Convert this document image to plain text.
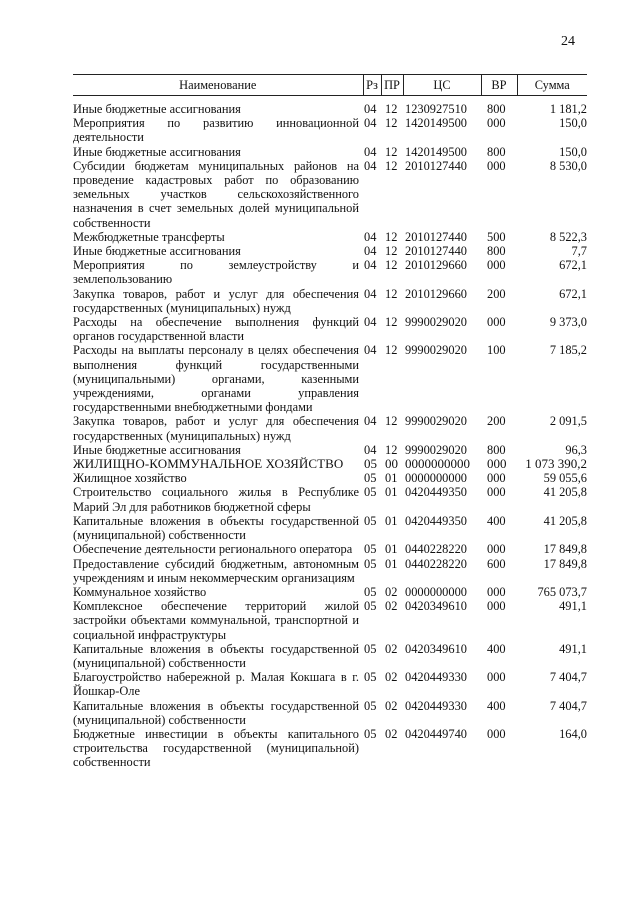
24
Наименование	Рз	ПР	ЦС	ВР	Сумма
Иные бюджетные ассигнования	04	12	1230927510	800	1 181,2
Мероприятия по развитию инновационной деятельности	04	12	1420149500	000	150,0
Иные бюджетные ассигнования	04	12	1420149500	800	150,0
Субсидии бюджетам муниципальных районов на проведение кадастровых работ по образованию земельных участков сельскохозяйственного назначения в счет земельных долей муниципальной собственности	04	12	2010127440	000	8 530,0
Межбюджетные трансферты	04	12	2010127440	500	8 522,3
Иные бюджетные ассигнования	04	12	2010127440	800	7,7
Мероприятия по землеустройству и землепользованию	04	12	2010129660	000	672,1
Закупка товаров, работ и услуг для обеспечения государственных (муниципальных) нужд	04	12	2010129660	200	672,1
Расходы на обеспечение выполнения функций органов государственной власти	04	12	9990029020	000	9 373,0
Расходы на выплаты персоналу в целях обеспечения выполнения функций государственными (муниципальными) органами, казенными учреждениями, органами управления государственными внебюджетными фондами	04	12	9990029020	100	7 185,2
Закупка товаров, работ и услуг для обеспечения государственных (муниципальных) нужд	04	12	9990029020	200	2 091,5
Иные бюджетные ассигнования	04	12	9990029020	800	96,3
ЖИЛИЩНО-КОММУНАЛЬНОЕ ХОЗЯЙСТВО	05	00	0000000000	000	1 073 390,2
Жилищное хозяйство	05	01	0000000000	000	59 055,6
Строительство социального жилья в Республике Марий Эл для работников бюджетной сферы	05	01	0420449350	000	41 205,8
Капитальные вложения в объекты государственной (муниципальной) собственности	05	01	0420449350	400	41 205,8
Обеспечение деятельности регионального оператора	05	01	0440228220	000	17 849,8
Предоставление субсидий бюджетным, автономным учреждениям и иным некоммерческим организациям	05	01	0440228220	600	17 849,8
Коммунальное хозяйство	05	02	0000000000	000	765 073,7
Комплексное обеспечение территорий жилой застройки объектами коммунальной, транспортной и социальной инфраструктуры	05	02	0420349610	000	491,1
Капитальные вложения в объекты государственной (муниципальной) собственности	05	02	0420349610	400	491,1
Благоустройство набережной р. Малая Кокшага в г. Йошкар-Оле	05	02	0420449330	000	7 404,7
Капитальные вложения в объекты государственной (муниципальной) собственности	05	02	0420449330	400	7 404,7
Бюджетные инвестиции в объекты капитального строительства государственной (муниципальной) собственности	05	02	0420449740	000	164,0
